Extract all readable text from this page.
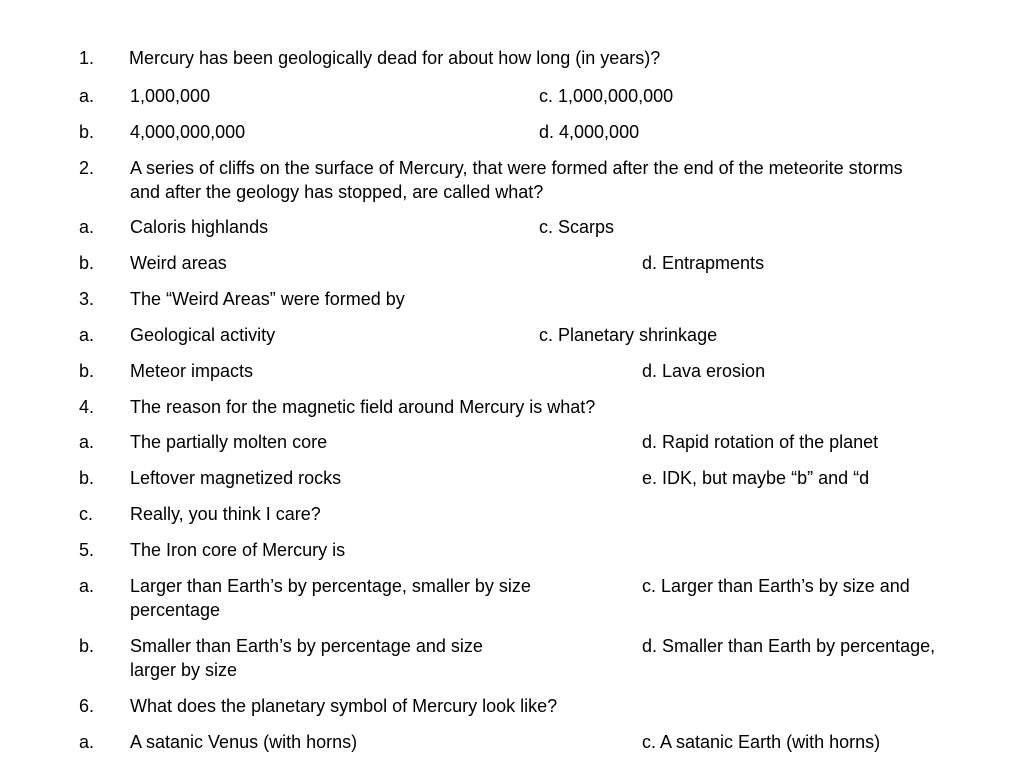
1. Mercury has been geologically dead for about how long (in years)?
a. 1,000,000	c. 1,000,000,000
b. 4,000,000,000	d. 4,000,000
2. A series of cliffs on the surface of Mercury, that were formed after the end of the meteorite storms
and after the geology has stopped, are called what?
a. Caloris highlands	c. Scarps
b. Weird areas	d. Entrapments
3. The “Weird Areas” were formed by
a. Geological activity	c. Planetary shrinkage
b. Meteor impacts	d. Lava erosion
4. The reason for the magnetic field around Mercury is what?
a. The partially molten core	d. Rapid rotation of the planet
b. Leftover magnetized rocks	e. IDK, but maybe “b” and “d
c. Really, you think I care?
5. The Iron core of Mercury is
a. Larger than Earth’s by percentage, smaller by size	c. Larger than Earth’s by size and
percentage
b. Smaller than Earth’s by percentage and size	d. Smaller than Earth by percentage,
larger by size
6. What does the planetary symbol of Mercury look like?
a. A satanic Venus (with horns)	c. A satanic Earth (with horns)
